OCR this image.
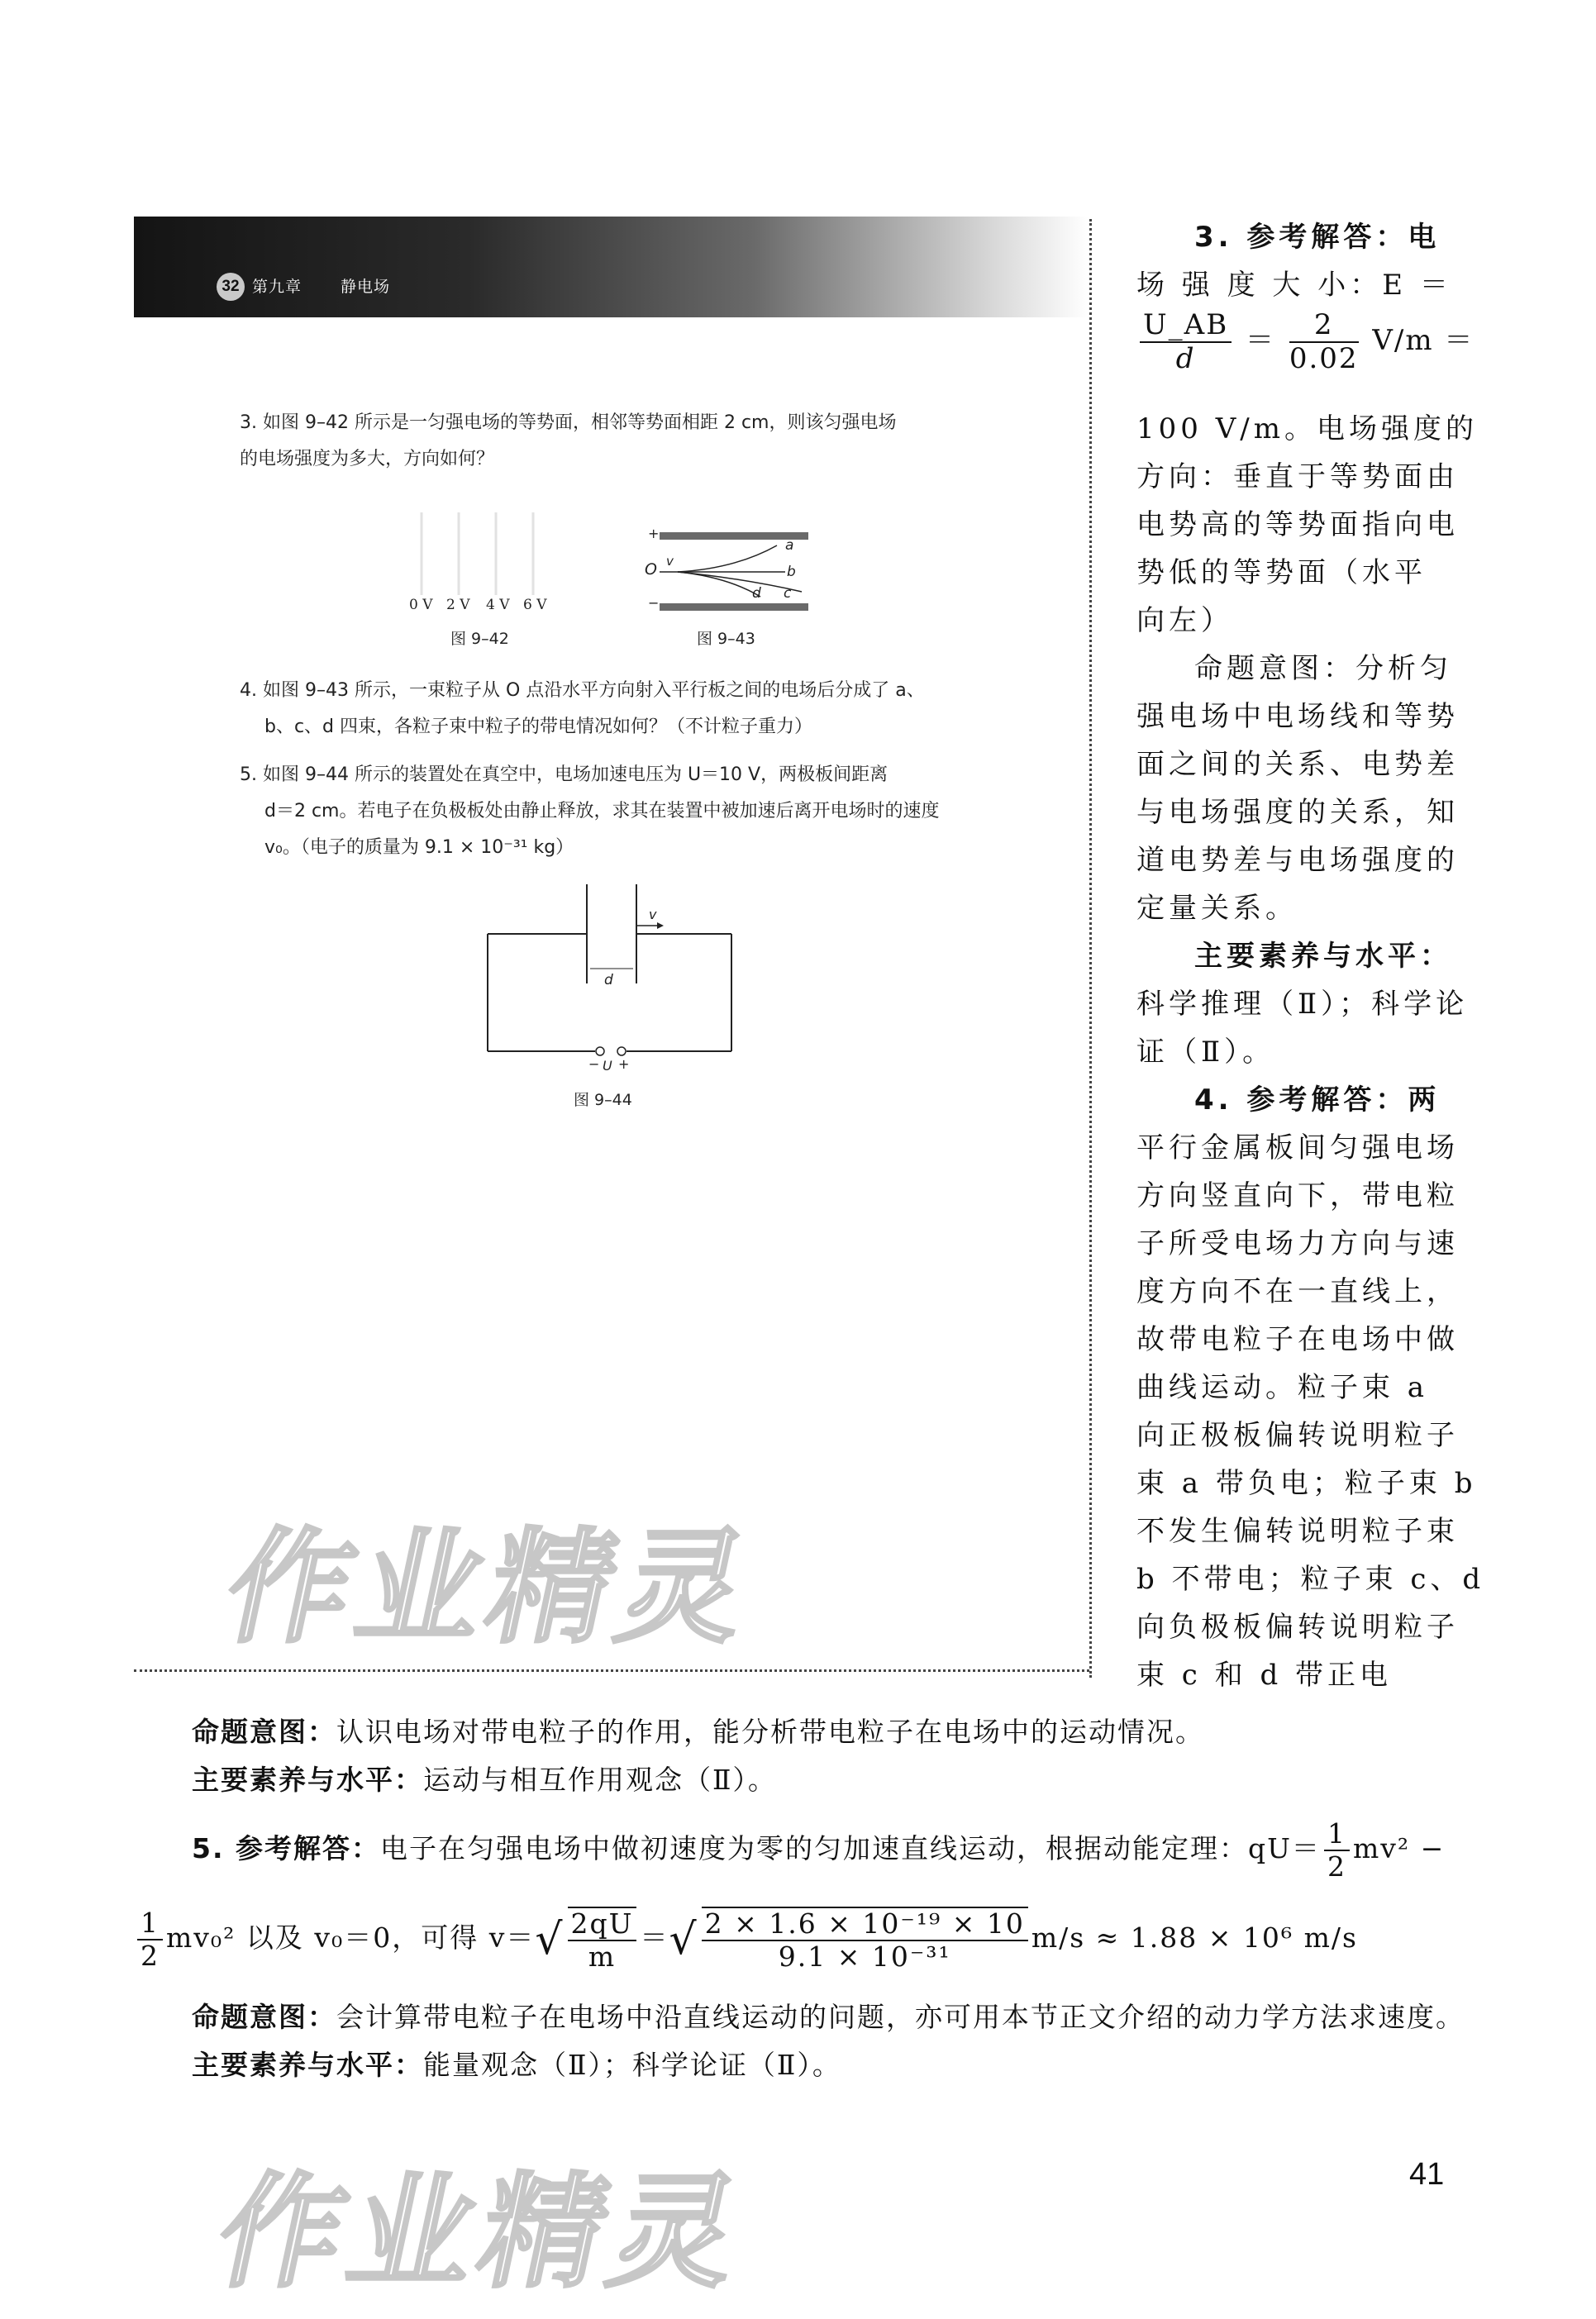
32 第九章 静电场
3. 如图 9–42 所示是一匀强电场的等势面，相邻等势面相距 2 cm，则该匀强电场
的电场强度为多大，方向如何？
0 V 2 V 4 V 6 V
图 9–42
+
−
O v
a
b
c
d
图 9–43
4. 如图 9–43 所示，一束粒子从 O 点沿水平方向射入平行板之间的电场后分成了 a、
b、c、d 四束，各粒子束中粒子的带电情况如何？（不计粒子重力）
5. 如图 9–44 所示的装置处在真空中，电场加速电压为 U＝10 V，两极板间距离
d＝2 cm。若电子在负极板处由静止释放，求其在装置中被加速后离开电场时的速度
v₀。（电子的质量为 9.1 × 10⁻³¹ kg）
v
d
− U +
图 9–44
作业精灵
3. 参考解答：电
场 强 度 大 小：E ＝
$\frac{U\_AB}{d} = \frac{2}{0.02} V/m$ ＝
100 V/m。电场强度的
方向：垂直于等势面由
电势高的等势面指向电
势低的等势面（水平
向左）
命题意图：分析匀
强电场中电场线和等势
面之间的关系、电势差
与电场强度的关系，知
道电势差与电场强度的
定量关系。
主要素养与水平：
科学推理（Ⅱ）；科学论
证（Ⅱ）。
4. 参考解答：两
平行金属板间匀强电场
方向竖直向下，带电粒
子所受电场力方向与速
度方向不在一直线上，
故带电粒子在电场中做
曲线运动。粒子束 a
向正极板偏转说明粒子
束 a 带负电；粒子束 b
不发生偏转说明粒子束
b 不带电；粒子束 c、d
向负极板偏转说明粒子
束 c 和 d 带正电
命题意图：认识电场对带电粒子的作用，能分析带电粒子在电场中的运动情况。
主要素养与水平：运动与相互作用观念（Ⅱ）。
5. 参考解答：电子在匀强电场中做初速度为零的匀加速直线运动，根据动能定理：$qU= \frac{1}{2} mv^2$ −
$\frac{1}{2} mv_0^2$ 以及 v₀＝0，可得 $v=√ \frac{2qU}{m}$ ＝√ $\frac{\text{2 × 1.6 × 10⁻¹⁹ × 10}}{\text{9.1 × 10⁻³¹}} m/s \approx 1.88 \times 10^6$ m/s
命题意图：会计算带电粒子在电场中沿直线运动的问题，亦可用本节正文介绍的动力学方法求速度。
主要素养与水平：能量观念（Ⅱ）；科学论证（Ⅱ）。
作业精灵	41
